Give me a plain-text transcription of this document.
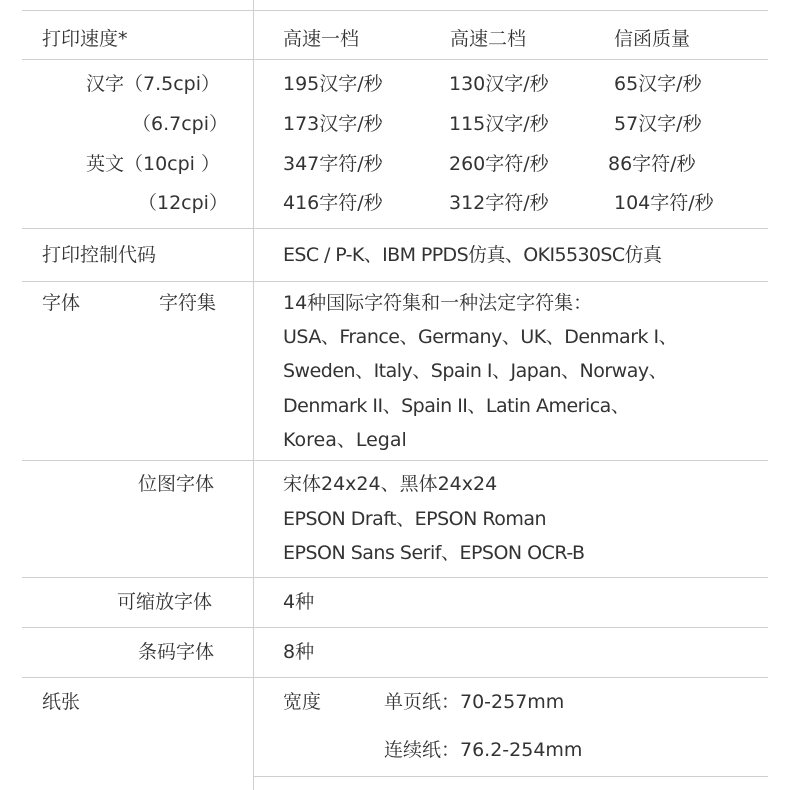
打印速度*	高速一档	高速二档	信函质量
汉字（7.5cpi）	195汉字/秒	130汉字/秒	65汉字/秒
（6.7cpi）	173汉字/秒	115汉字/秒	57汉字/秒
英文（10cpi ）	347字符/秒	260字符/秒	86字符/秒
（12cpi）	416字符/秒	312字符/秒	104字符/秒
打印控制代码	ESC / P-K、IBM PPDS仿真、OKI5530SC仿真
字体	字符集	14种国际字符集和一种法定字符集：
USA、France、Germany、UK、Denmark I、
Sweden、Italy、Spain I、Japan、Norway、
Denmark II、Spain II、Latin America、
Korea、Legal
位图字体	宋体24x24、黑体24x24
EPSON Draft、EPSON Roman
EPSON Sans Serif、EPSON OCR-B
可缩放字体	4种
条码字体	8种
纸张	宽度	单页纸：70-257mm
连续纸：76.2-254mm
